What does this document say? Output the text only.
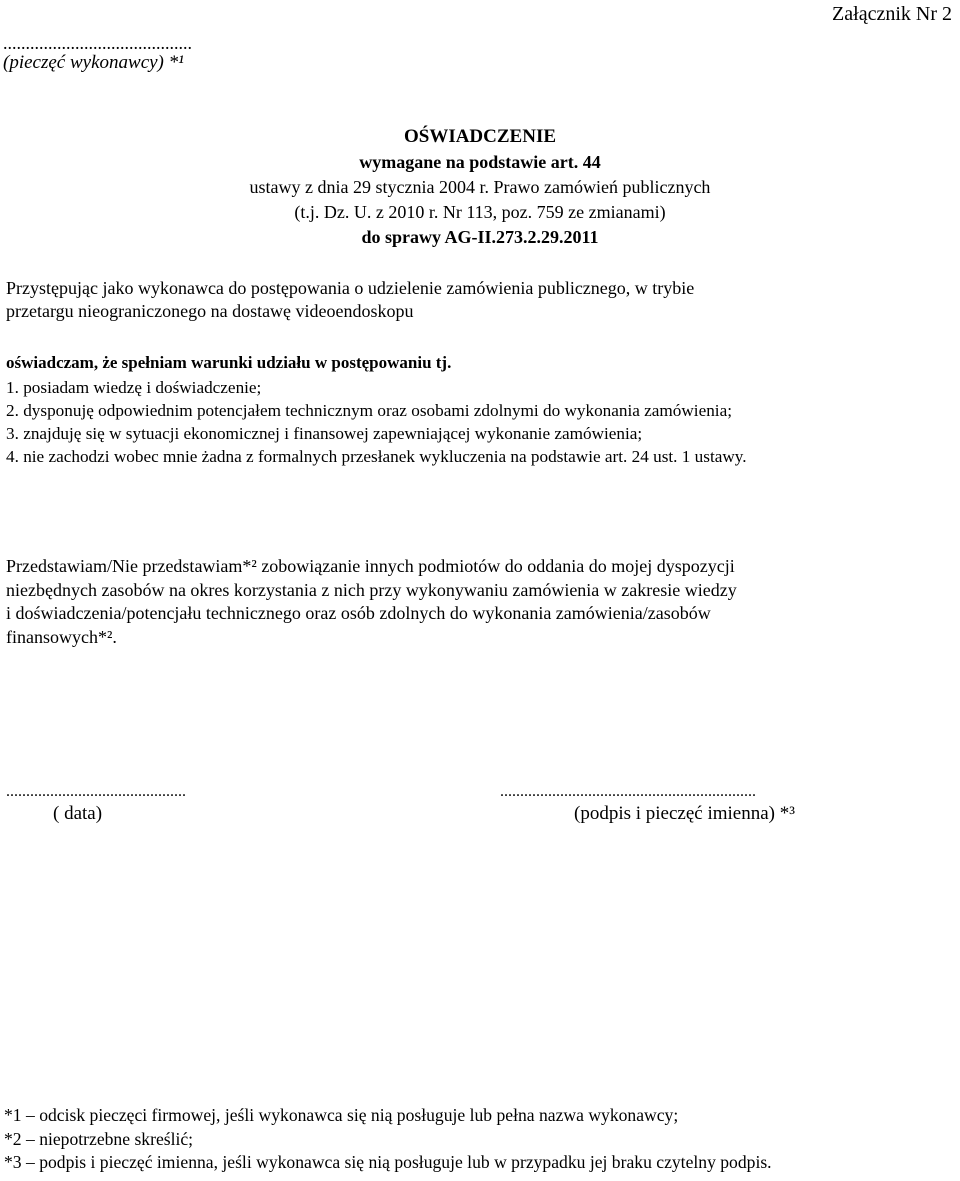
Załącznik Nr 2
..........................................
(pieczęć wykonawcy) *¹
OŚWIADCZENIE
wymagane na podstawie art. 44
ustawy z dnia 29 stycznia 2004 r. Prawo zamówień publicznych
(t.j. Dz. U. z 2010 r. Nr 113, poz. 759 ze zmianami)
do sprawy AG-II.273.2.29.2011
Przystępując jako wykonawca do postępowania o udzielenie zamówienia publicznego, w trybie
przetargu nieograniczonego na dostawę videoendoskopu
oświadczam, że spełniam warunki udziału w postępowaniu tj.
1. posiadam wiedzę i doświadczenie;
2. dysponuję odpowiednim potencjałem technicznym oraz osobami zdolnymi do wykonania zamówienia;
3. znajduję się w sytuacji ekonomicznej i finansowej zapewniającej wykonanie zamówienia;
4. nie zachodzi wobec mnie żadna z formalnych przesłanek wykluczenia na podstawie art. 24 ust. 1 ustawy.
Przedstawiam/Nie przedstawiam*² zobowiązanie innych podmiotów do oddania do mojej dyspozycji
niezbędnych zasobów na okres korzystania z nich przy wykonywaniu zamówienia w zakresie wiedzy
i doświadczenia/potencjału technicznego oraz osób zdolnych do wykonania zamówienia/zasobów
finansowych*².
.............................................	................................................................
( data)	(podpis i pieczęć imienna) *³
*1 – odcisk pieczęci firmowej, jeśli wykonawca się nią posługuje lub pełna nazwa wykonawcy;
*2 – niepotrzebne skreślić;
*3 – podpis i pieczęć imienna, jeśli wykonawca się nią posługuje lub w przypadku jej braku czytelny podpis.
